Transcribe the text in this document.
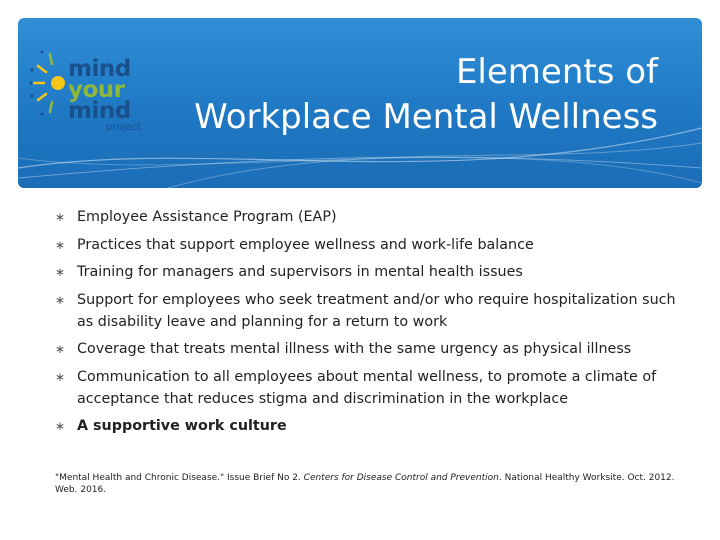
mind
your
mind
project
Elements of
Workplace Mental Wellness
∗ Employee Assistance Program (EAP)
∗ Practices that support employee wellness and work-life balance
∗ Training for managers and supervisors in mental health issues
∗ Support for employees who seek treatment and/or who require hospitalization such as disability leave and planning for a return to work
∗ Coverage that treats mental illness with the same urgency as physical illness
∗ Communication to all employees about mental wellness, to promote a climate of acceptance that reduces stigma and discrimination in the workplace
∗ A supportive work culture
"Mental Health and Chronic Disease." Issue Brief No 2. Centers for Disease Control and Prevention. National Healthy Worksite. Oct. 2012. Web. 2016.
